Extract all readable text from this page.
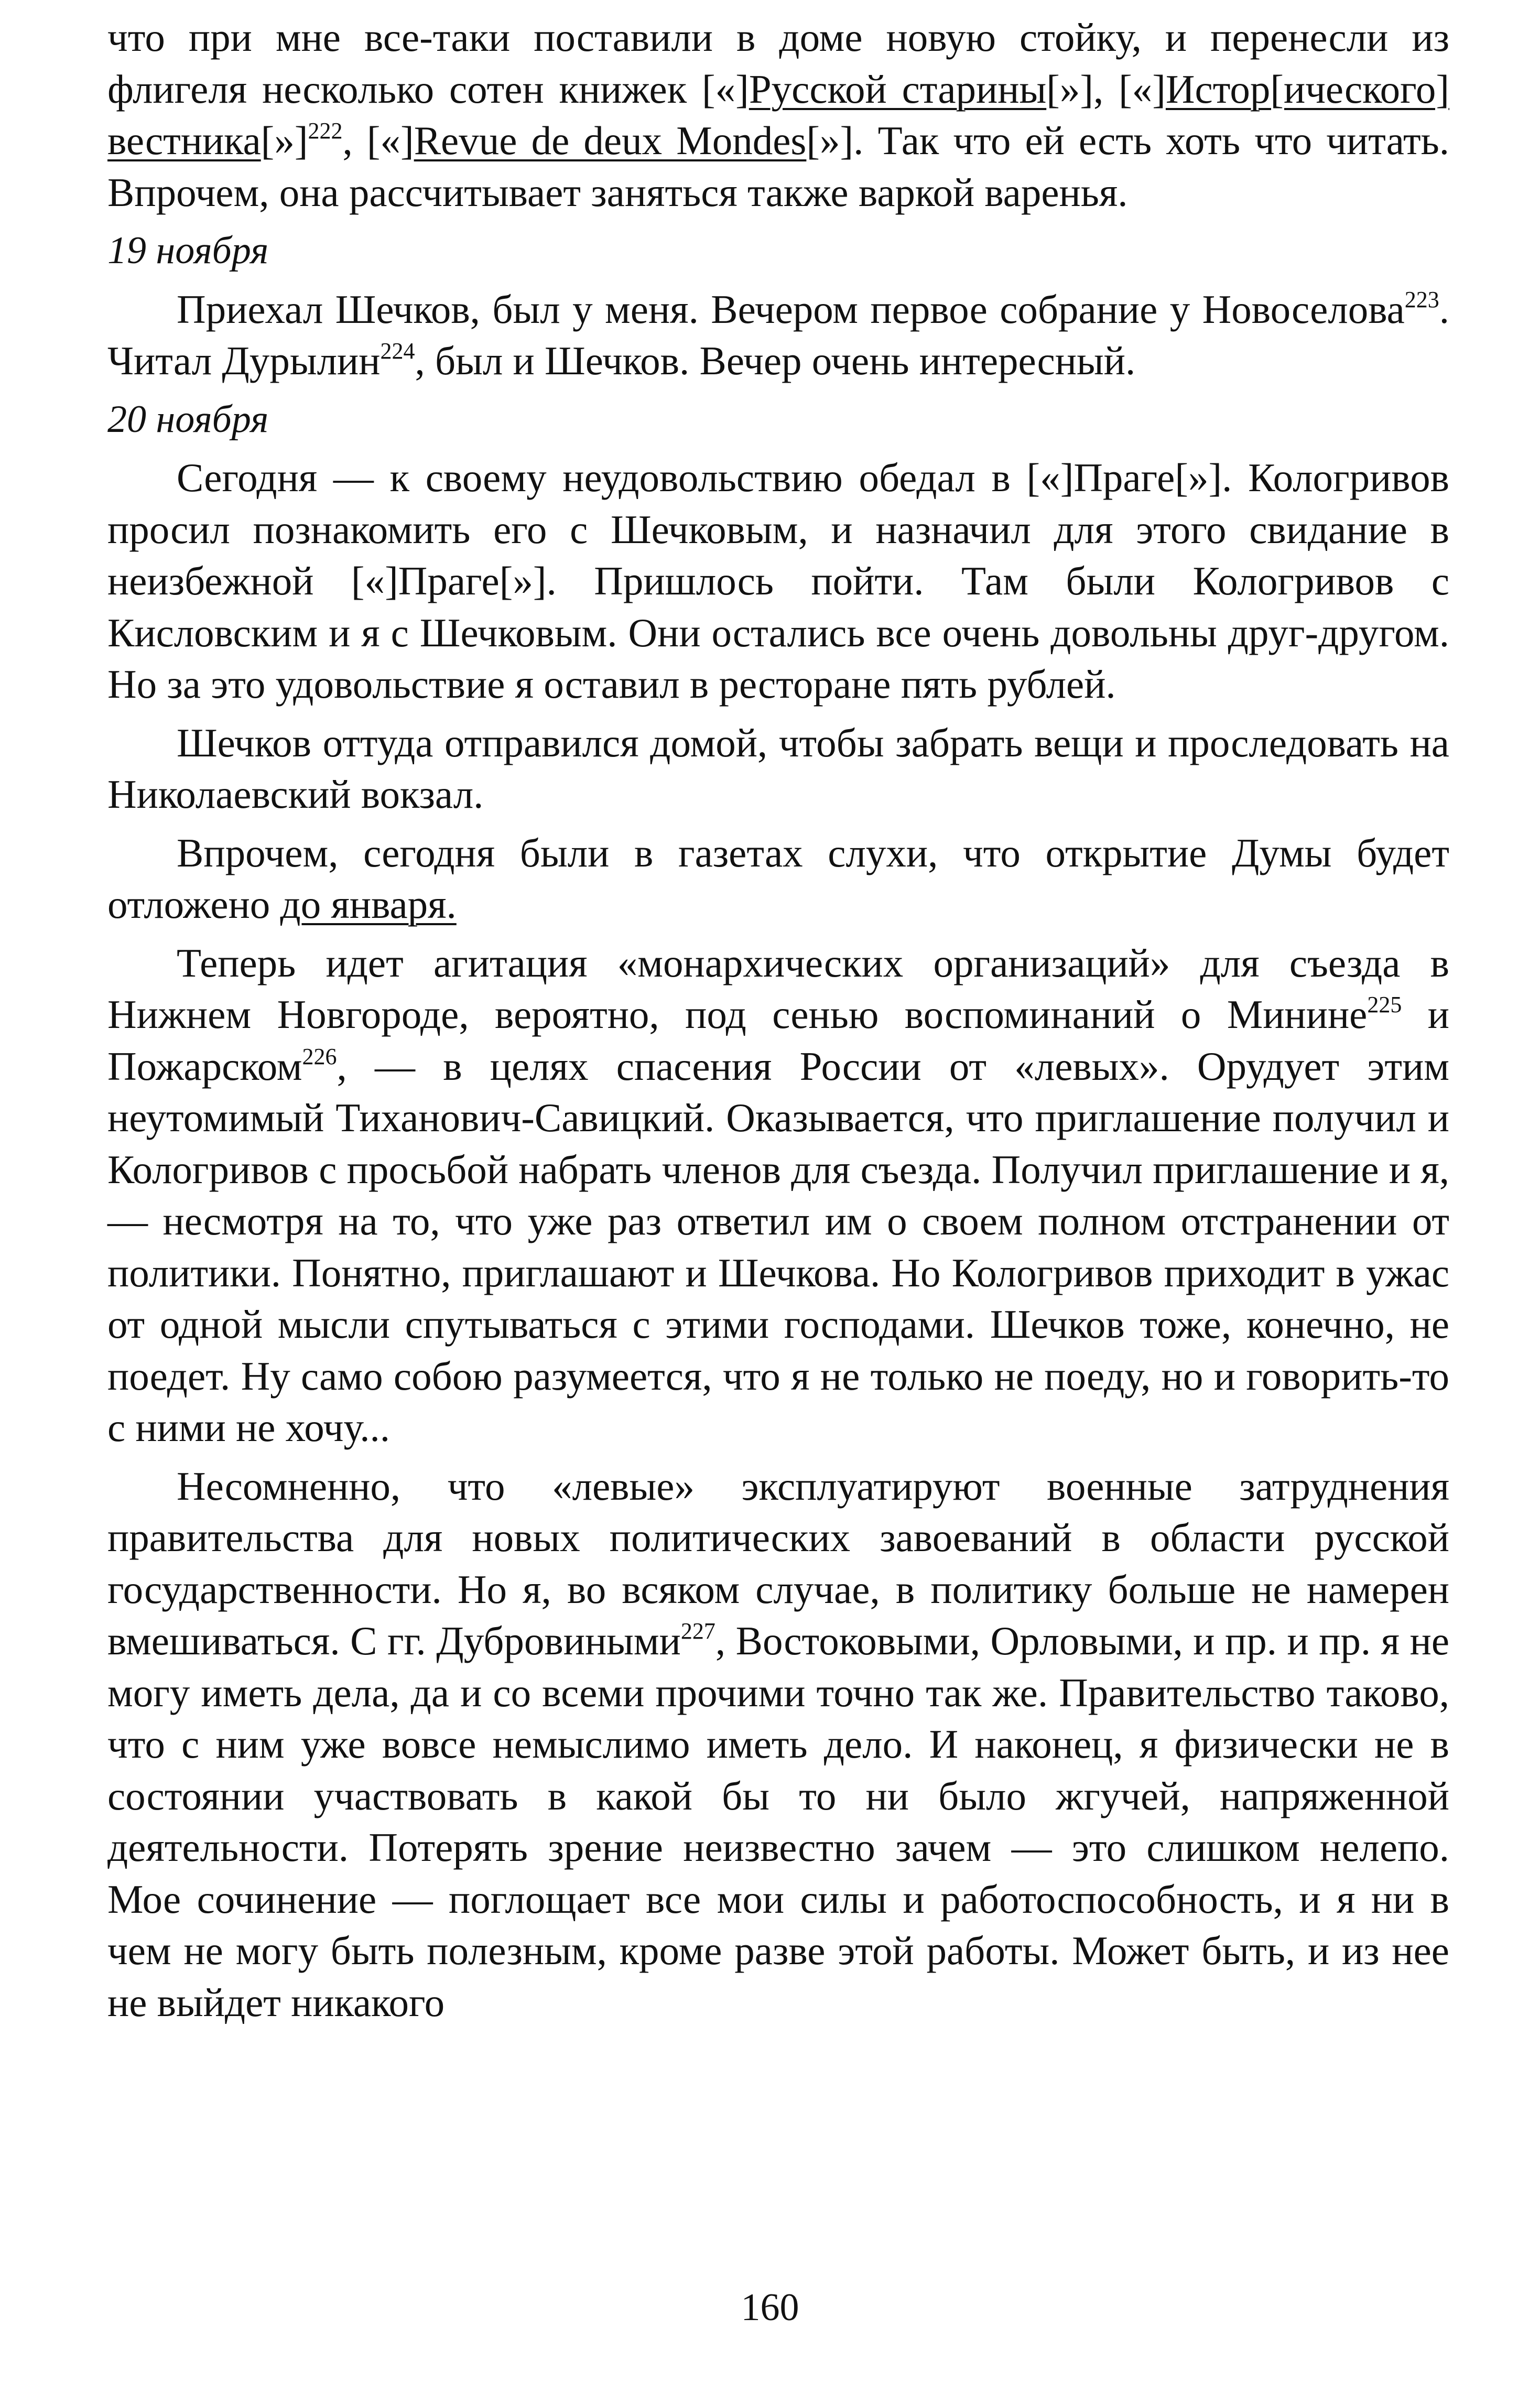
что при мне все-таки поставили в доме новую стойку, и перенесли из флигеля несколько сотен книжек [«]Русской старины[»], [«]Истор[ического] вестника[»]$^{222}$, [«]Revue de deux Mondes[»]. Так что ей есть хоть что читать. Впрочем, она рассчитывает заняться также варкой варенья.

19 ноября

Приехал Шечков, был у меня. Вечером первое собрание у Новоселова$^{223}$. Читал Дурылин$^{224}$, был и Шечков. Вечер очень интересный.

20 ноября

Сегодня — к своему неудовольствию обедал в [«]Праге[»]. Кологривов просил познакомить его с Шечковым, и назначил для этого свидание в неизбежной [«]Праге[»]. Пришлось пойти. Там были Кологривов с Кисловским и я с Шечковым. Они остались все очень довольны друг-другом. Но за это удовольствие я оставил в ресторане пять рублей.

Шечков оттуда отправился домой, чтобы забрать вещи и проследовать на Николаевский вокзал.

Впрочем, сегодня были в газетах слухи, что открытие Думы будет отложено до января.

Теперь идет агитация «монархических организаций» для съезда в Нижнем Новгороде, вероятно, под сенью воспоминаний о Минине$^{225}$ и Пожарском$^{226}$, — в целях спасения России от «левых». Орудует этим неутомимый Тиханович-Савицкий. Оказывается, что приглашение получил и Кологривов с просьбой набрать членов для съезда. Получил приглашение и я, — несмотря на то, что уже раз ответил им о своем полном отстранении от политики. Понятно, приглашают и Шечкова. Но Кологривов приходит в ужас от одной мысли спутываться с этими господами. Шечков тоже, конечно, не поедет. Ну само собою разумеется, что я не только не поеду, но и говорить-то с ними не хочу...

Несомненно, что «левые» эксплуатируют военные затруднения правительства для новых политических завоеваний в области русской государственности. Но я, во всяком случае, в политику больше не намерен вмешиваться. С гг. Дубровиными$^{227}$, Востоковыми, Орловыми, и пр. и пр. я не могу иметь дела, да и со всеми прочими точно так же. Правительство таково, что с ним уже вовсе немыслимо иметь дело. И наконец, я физически не в состоянии участвовать в какой бы то ни было жгучей, напряженной деятельности. Потерять зрение неизвестно зачем — это слишком нелепо. Мое сочинение — поглощает все мои силы и работоспособность, и я ни в чем не могу быть полезным, кроме разве этой работы. Может быть, и из нее не выйдет никакого

160
